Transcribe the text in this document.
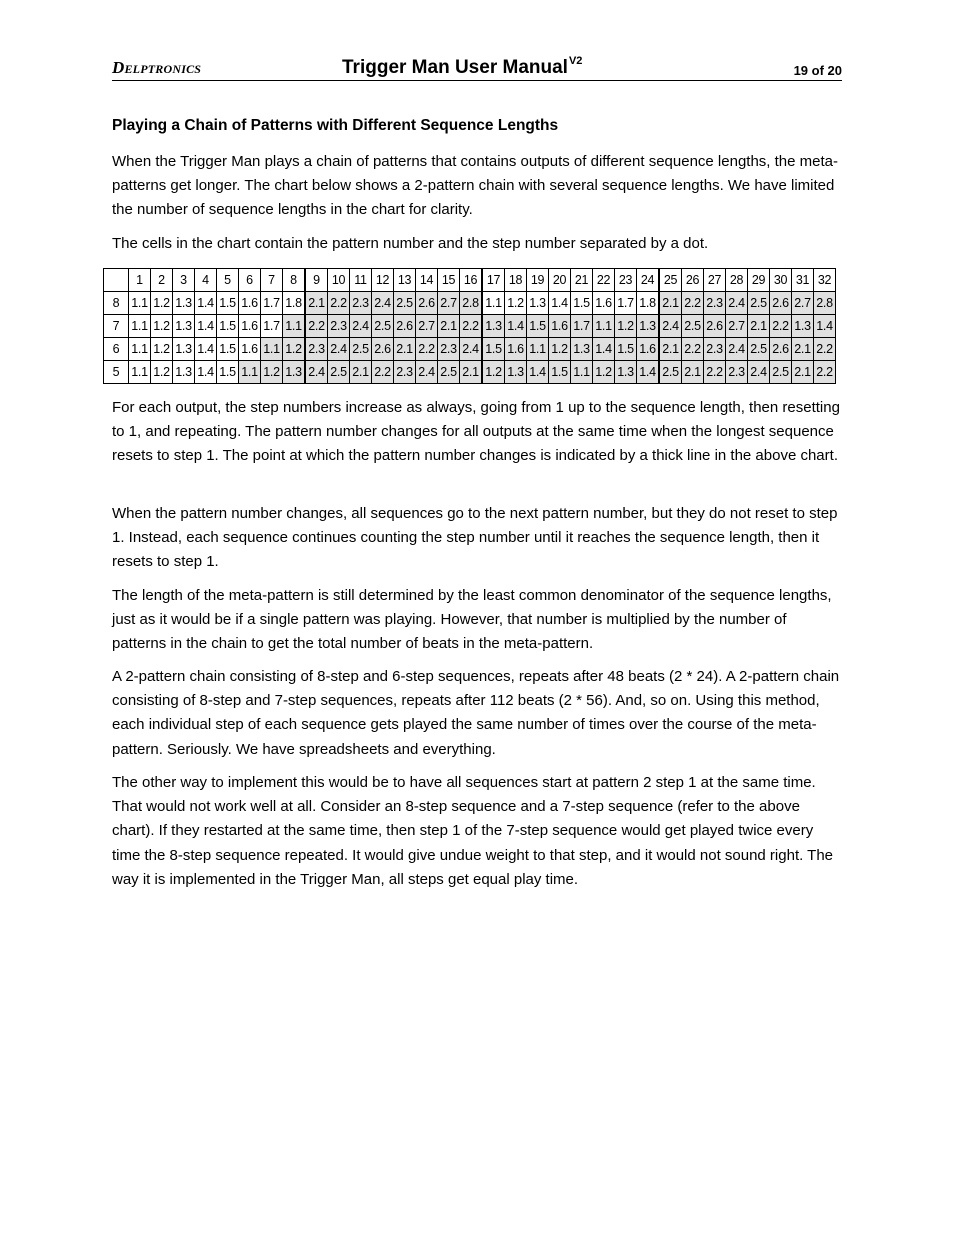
Delptronics	Trigger Man User Manual$^{V2}$
19 of 20
Playing a Chain of Patterns with Different Sequence Lengths

When the Trigger Man plays a chain of patterns that contains outputs of different sequence lengths, the meta-patterns get longer. The chart below shows a 2-pattern chain with several sequence lengths. We have limited the number of sequence lengths in the chart for clarity.

The cells in the chart contain the pattern number and the step number separated by a dot.

	1	2	3	4	5	6	7	8	9	10	11	12	13	14	15	16	17	18	19	20	21	22	23	24	25	26	27	28	29	30	31	32
8	1.1	1.2	1.3	1.4	1.5	1.6	1.7	1.8	2.1	2.2	2.3	2.4	2.5	2.6	2.7	2.8	1.1	1.2	1.3	1.4	1.5	1.6	1.7	1.8	2.1	2.2	2.3	2.4	2.5	2.6	2.7	2.8
7	1.1	1.2	1.3	1.4	1.5	1.6	1.7	1.1	2.2	2.3	2.4	2.5	2.6	2.7	2.1	2.2	1.3	1.4	1.5	1.6	1.7	1.1	1.2	1.3	2.4	2.5	2.6	2.7	2.1	2.2	1.3	1.4
6	1.1	1.2	1.3	1.4	1.5	1.6	1.1	1.2	2.3	2.4	2.5	2.6	2.1	2.2	2.3	2.4	1.5	1.6	1.1	1.2	1.3	1.4	1.5	1.6	2.1	2.2	2.3	2.4	2.5	2.6	2.1	2.2
5	1.1	1.2	1.3	1.4	1.5	1.1	1.2	1.3	2.4	2.5	2.1	2.2	2.3	2.4	2.5	2.1	1.2	1.3	1.4	1.5	1.1	1.2	1.3	1.4	2.5	2.1	2.2	2.3	2.4	2.5	2.1	2.2

For each output, the step numbers increase as always, going from 1 up to the sequence length, then resetting to 1, and repeating. The pattern number changes for all outputs at the same time when the longest sequence resets to step 1. The point at which the pattern number changes is indicated by a thick line in the above chart.

When the pattern number changes, all sequences go to the next pattern number, but they do not reset to step 1. Instead, each sequence continues counting the step number until it reaches the sequence length, then it resets to step 1.

The length of the meta-pattern is still determined by the least common denominator of the sequence lengths, just as it would be if a single pattern was playing. However, that number is multiplied by the number of patterns in the chain to get the total number of beats in the meta-pattern.

A 2-pattern chain consisting of 8-step and 6-step sequences, repeats after 48 beats (2 * 24). A 2-pattern chain consisting of 8-step and 7-step sequences, repeats after 112 beats (2 * 56). And, so on. Using this method, each individual step of each sequence gets played the same number of times over the course of the meta-pattern. Seriously. We have spreadsheets and everything.

The other way to implement this would be to have all sequences start at pattern 2 step 1 at the same time. That would not work well at all. Consider an 8-step sequence and a 7-step sequence (refer to the above chart). If they restarted at the same time, then step 1 of the 7-step sequence would get played twice every time the 8-step sequence repeated. It would give undue weight to that step, and it would not sound right. The way it is implemented in the Trigger Man, all steps get equal play time.
